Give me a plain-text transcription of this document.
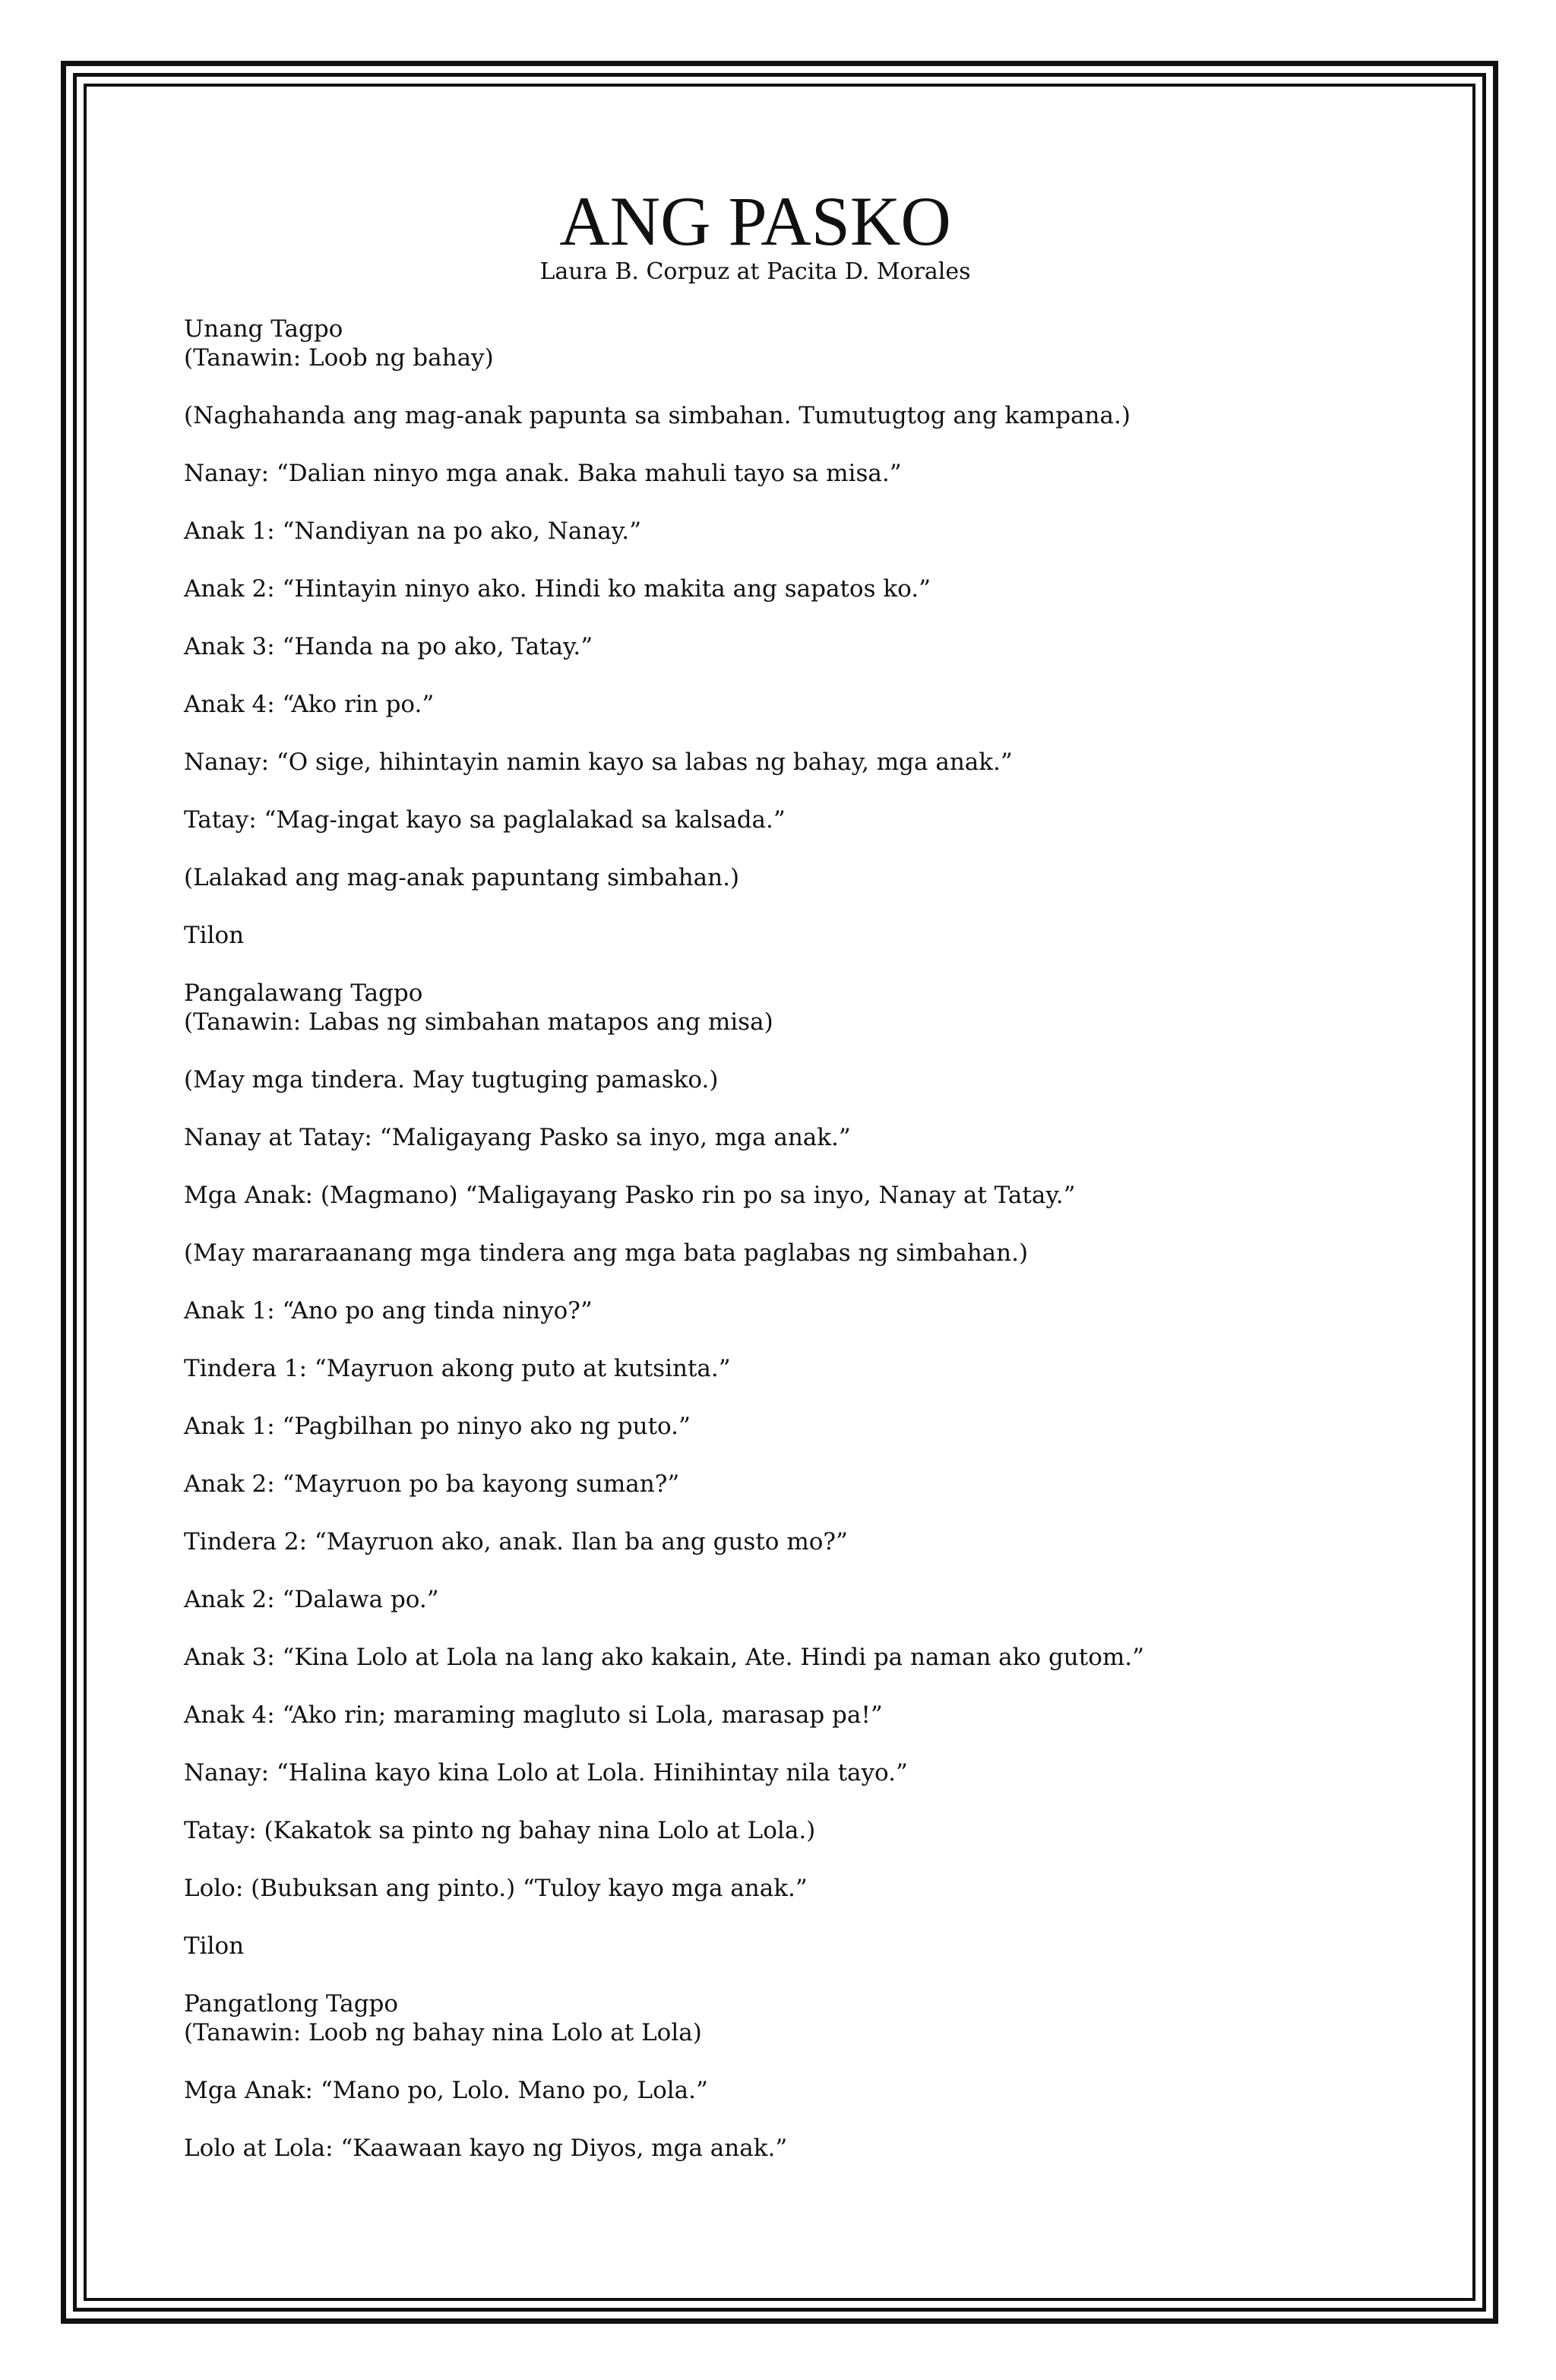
ANG PASKO

Laura B. Corpuz at Pacita D. Morales

Unang Tagpo

(Tanawin: Loob ng bahay)

(Naghahanda ang mag-anak papunta sa simbahan. Tumutugtog ang kampana.)

Nanay: “Dalian ninyo mga anak. Baka mahuli tayo sa misa.”

Anak 1: “Nandiyan na po ako, Nanay.”

Anak 2: “Hintayin ninyo ako. Hindi ko makita ang sapatos ko.”

Anak 3: “Handa na po ako, Tatay.”

Anak 4: “Ako rin po.”

Nanay: “O sige, hihintayin namin kayo sa labas ng bahay, mga anak.”

Tatay: “Mag-ingat kayo sa paglalakad sa kalsada.”

(Lalakad ang mag-anak papuntang simbahan.)

Tilon

Pangalawang Tagpo

(Tanawin: Labas ng simbahan matapos ang misa)

(May mga tindera. May tugtuging pamasko.)

Nanay at Tatay: “Maligayang Pasko sa inyo, mga anak.”

Mga Anak: (Magmano) “Maligayang Pasko rin po sa inyo, Nanay at Tatay.”

(May mararaanang mga tindera ang mga bata paglabas ng simbahan.)

Anak 1: “Ano po ang tinda ninyo?”

Tindera 1: “Mayruon akong puto at kutsinta.”

Anak 1: “Pagbilhan po ninyo ako ng puto.”

Anak 2: “Mayruon po ba kayong suman?”

Tindera 2: “Mayruon ako, anak. Ilan ba ang gusto mo?”

Anak 2: “Dalawa po.”

Anak 3: “Kina Lolo at Lola na lang ako kakain, Ate. Hindi pa naman ako gutom.”

Anak 4: “Ako rin; maraming magluto si Lola, marasap pa!”

Nanay: “Halina kayo kina Lolo at Lola. Hinihintay nila tayo.”

Tatay: (Kakatok sa pinto ng bahay nina Lolo at Lola.)

Lolo: (Bubuksan ang pinto.) “Tuloy kayo mga anak.”

Tilon

Pangatlong Tagpo

(Tanawin: Loob ng bahay nina Lolo at Lola)

Mga Anak: “Mano po, Lolo. Mano po, Lola.”

Lolo at Lola: “Kaawaan kayo ng Diyos, mga anak.”
